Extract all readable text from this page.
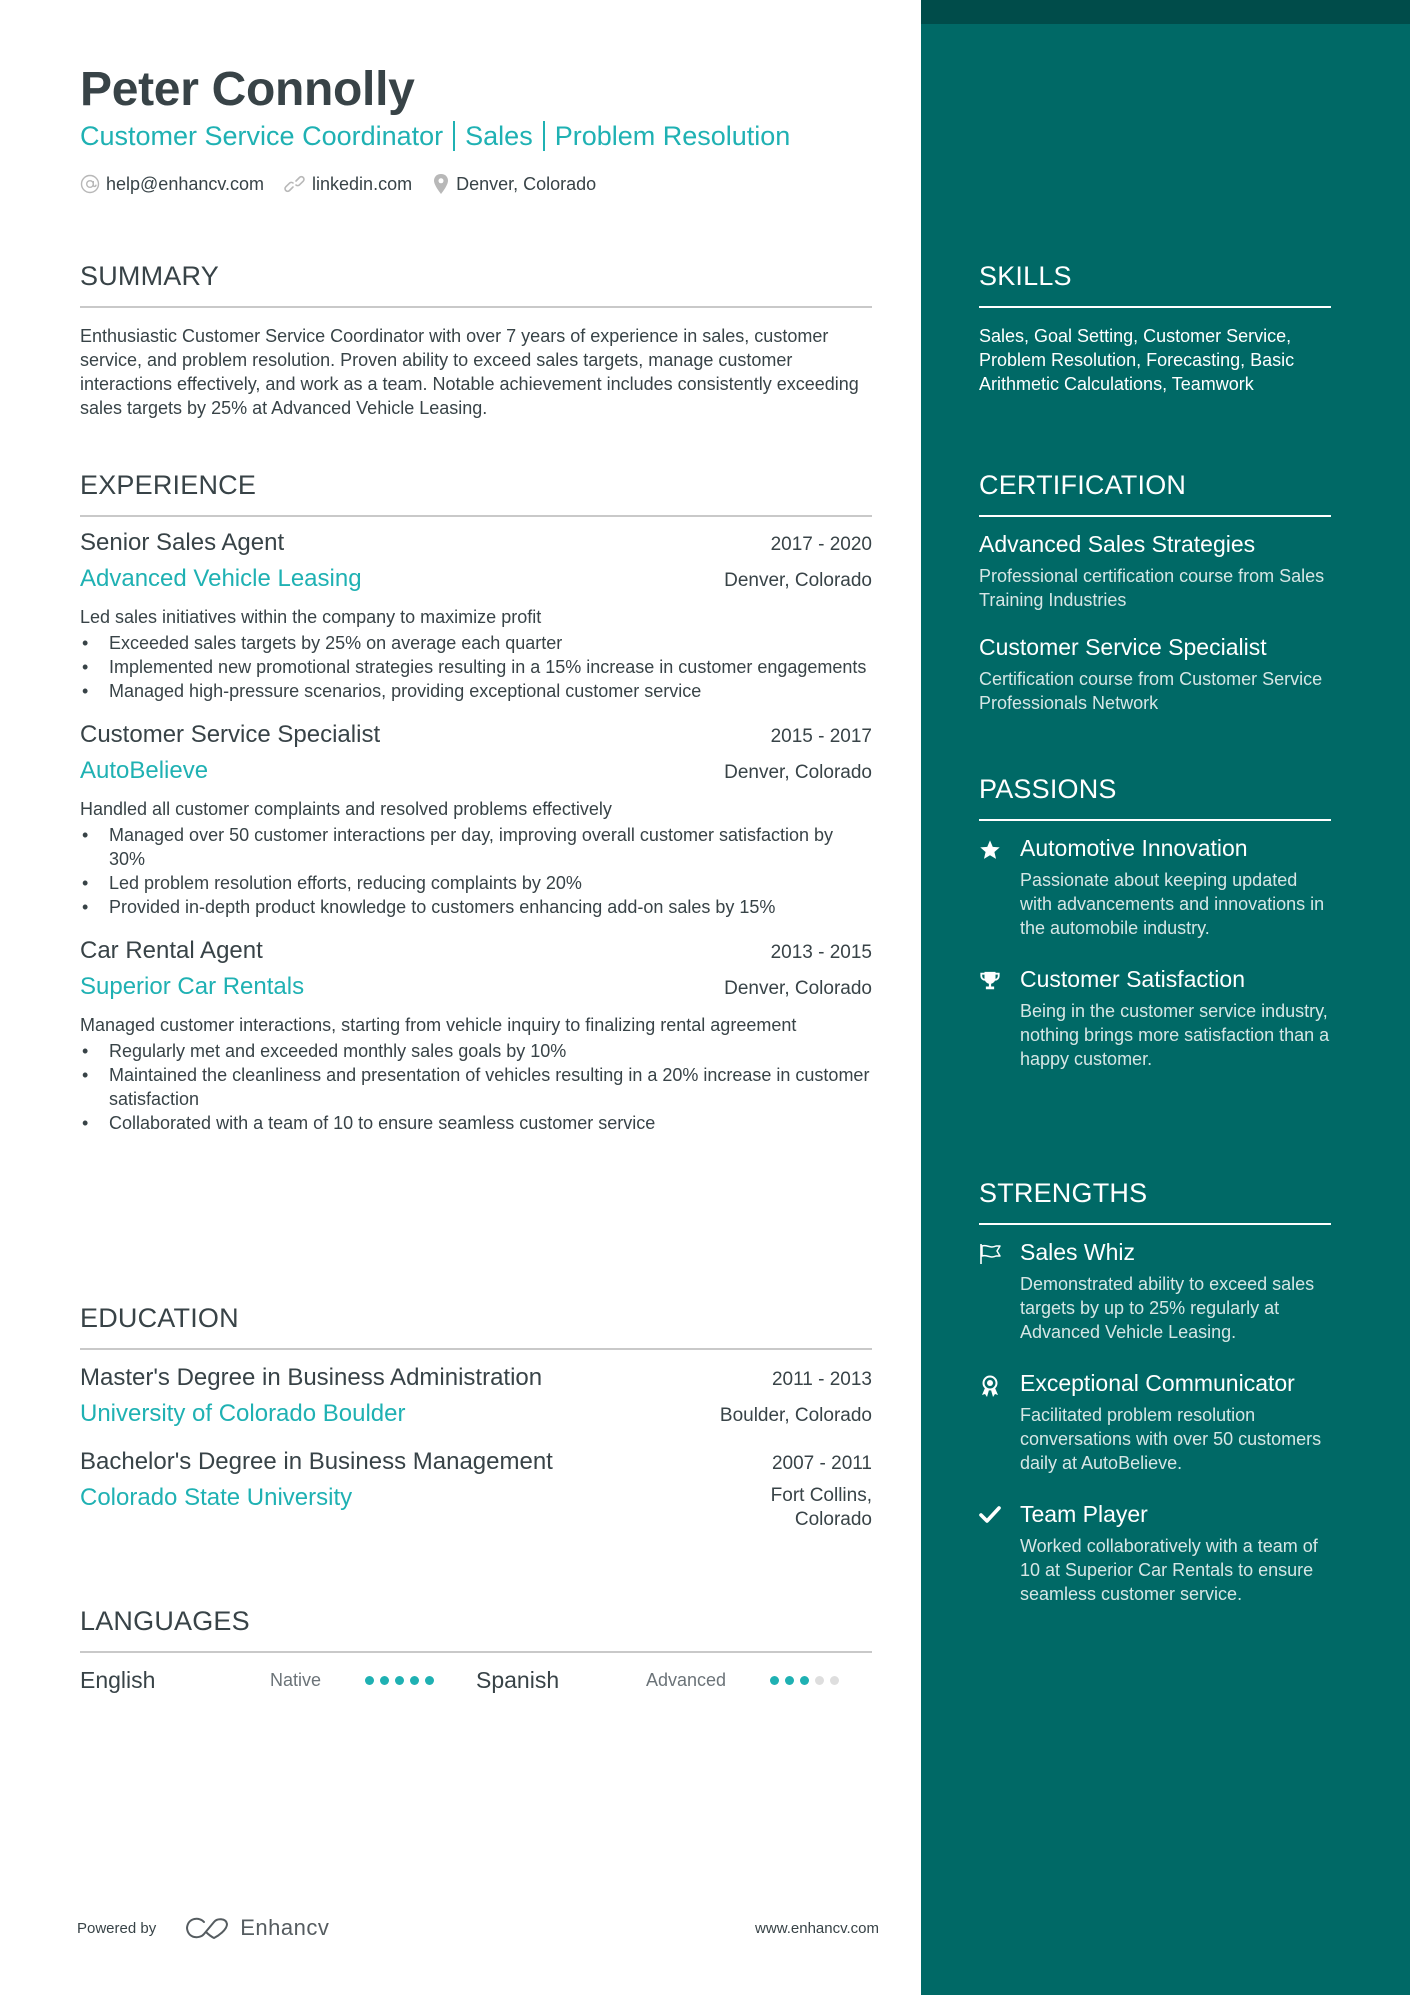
Peter Connolly
Customer Service Coordinator Sales Problem Resolution
help@enhancv.com	linkedin.com Denver, Colorado
SUMMARY

Enthusiastic Customer Service Coordinator with over 7 years of experience in sales, customer service, and problem resolution. Proven ability to exceed sales targets, manage customer interactions effectively, and work as a team. Notable achievement includes consistently exceeding sales targets by 25% at Advanced Vehicle Leasing.

EXPERIENCE
Senior Sales Agent	2017 - 2020
Advanced Vehicle Leasing	Denver, Colorado
Led sales initiatives within the company to maximize profit
• Exceeded sales targets by 25% on average each quarter
• Implemented new promotional strategies resulting in a 15% increase in customer engagements
• Managed high-pressure scenarios, providing exceptional customer service
Customer Service Specialist	2015 - 2017
AutoBelieve	Denver, Colorado
Handled all customer complaints and resolved problems effectively
• Managed over 50 customer interactions per day, improving overall customer satisfaction by 30%
• Led problem resolution efforts, reducing complaints by 20%
• Provided in-depth product knowledge to customers enhancing add-on sales by 15%
Car Rental Agent	2013 - 2015
Superior Car Rentals	Denver, Colorado
Managed customer interactions, starting from vehicle inquiry to finalizing rental agreement
• Regularly met and exceeded monthly sales goals by 10%
• Maintained the cleanliness and presentation of vehicles resulting in a 20% increase in customer satisfaction
• Collaborated with a team of 10 to ensure seamless customer service
EDUCATION
Master's Degree in Business Administration	2011 - 2013
University of Colorado Boulder	Boulder, Colorado
Bachelor's Degree in Business Management	2007 - 2011
Colorado State University	Fort Collins, Colorado
LANGUAGES
English	Native	Spanish	Advanced
Powered by	Enhancv	www.enhancv.com
SKILLS
Sales, Goal Setting, Customer Service, Problem Resolution, Forecasting, Basic Arithmetic Calculations, Teamwork
CERTIFICATION
Advanced Sales Strategies
Professional certification course from Sales Training Industries
Customer Service Specialist
Certification course from Customer Service Professionals Network
PASSIONS
Automotive Innovation
Passionate about keeping updated with advancements and innovations in the automobile industry.
Customer Satisfaction
Being in the customer service industry, nothing brings more satisfaction than a happy customer.
STRENGTHS
Sales Whiz
Demonstrated ability to exceed sales targets by up to 25% regularly at Advanced Vehicle Leasing.
Exceptional Communicator
Facilitated problem resolution conversations with over 50 customers daily at AutoBelieve.
Team Player
Worked collaboratively with a team of 10 at Superior Car Rentals to ensure seamless customer service.
